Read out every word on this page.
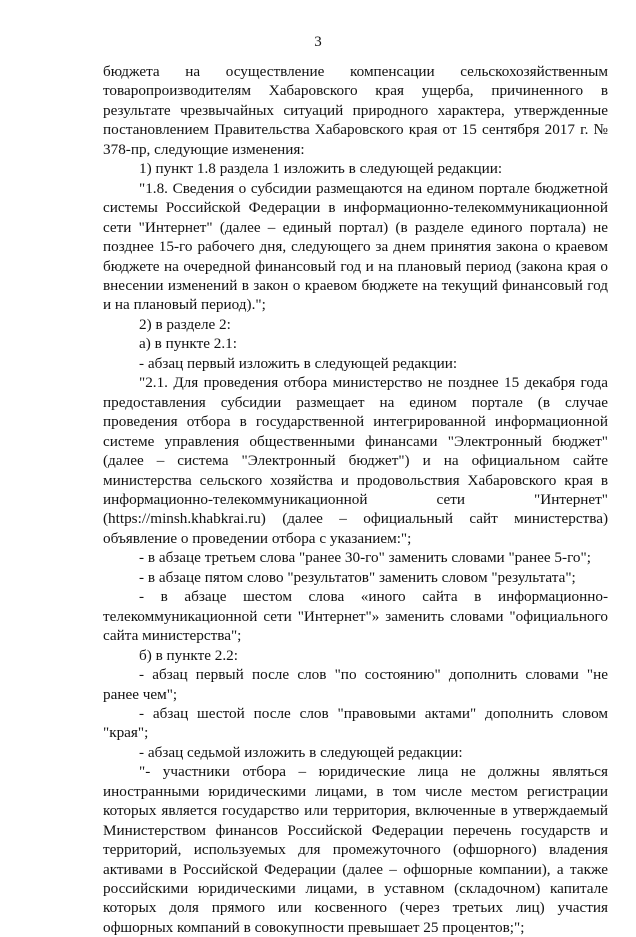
3

бюджета на осуществление компенсации сельскохозяйственным товаропроизводителям Хабаровского края ущерба, причиненного в результате чрезвычайных ситуаций природного характера, утвержденные постановлением Правительства Хабаровского края от 15 сентября 2017 г. № 378-пр, следующие изменения:

1) пункт 1.8 раздела 1 изложить в следующей редакции:

"1.8. Сведения о субсидии размещаются на едином портале бюджетной системы Российской Федерации в информационно-телекоммуникационной сети "Интернет" (далее – единый портал) (в разделе единого портала) не позднее 15-го рабочего дня, следующего за днем принятия закона о краевом бюджете на очередной финансовый год и на плановый период (закона края о внесении изменений в закон о краевом бюджете на текущий финансовый год и на плановый период).";

2) в разделе 2:

а) в пункте 2.1:

- абзац первый изложить в следующей редакции:

"2.1. Для проведения отбора министерство не позднее 15 декабря года предоставления субсидии размещает на едином портале (в случае проведения отбора в государственной интегрированной информационной системе управления общественными финансами "Электронный бюджет" (далее – система "Электронный бюджет") и на официальном сайте министерства сельского хозяйства и продовольствия Хабаровского края в информационно-телекоммуникационной сети "Интернет" (https://minsh.khabkrai.ru) (далее – официальный сайт министерства) объявление о проведении отбора с указанием:";

- в абзаце третьем слова "ранее 30-го" заменить словами "ранее 5-го";

- в абзаце пятом слово "результатов" заменить словом "результата";

- в абзаце шестом слова «иного сайта в информационно-телекоммуникационной сети "Интернет"» заменить словами "официального сайта министерства";

б) в пункте 2.2:

- абзац первый после слов "по состоянию" дополнить словами "не ранее чем";

- абзац шестой после слов "правовыми актами" дополнить словом "края";

- абзац седьмой изложить в следующей редакции:

"- участники отбора – юридические лица не должны являться иностранными юридическими лицами, в том числе местом регистрации которых является государство или территория, включенные в утверждаемый Министерством финансов Российской Федерации перечень государств и территорий, используемых для промежуточного (офшорного) владения активами в Российской Федерации (далее – офшорные компании), а также российскими юридическими лицами, в уставном (складочном) капитале которых доля прямого или косвенного (через третьих лиц) участия офшорных компаний в совокупности превышает 25 процентов;";
